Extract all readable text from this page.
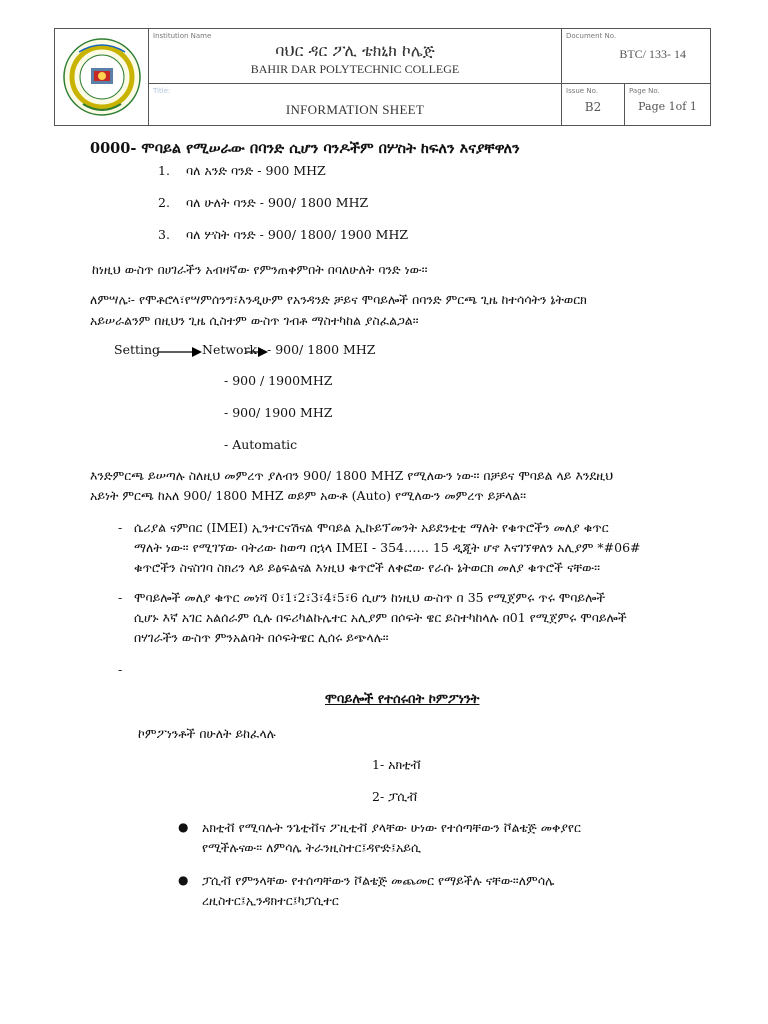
Institution Name
ባህር ዳር ፖሊ ቴክኒክ ኮሌጅ
BAHIR DAR POLYTECHNIC COLLEGE
Title:
INFORMATION SHEET
Document No.
BTC/ 133- 14
Issue No.
B2
Page No.
Page 1of 1
0000- ሞባይል የሚሠራው በባንድ ሲሆን ባንዶችም በሦስት ከፍለን እናያቸዋለን
1. ባለ አንድ ባንድ - 900 MHZ
2. ባለ ሁለት ባንድ - 900/ 1800 MHZ
3. ባለ ሦስት ባንድ - 900/ 1800/ 1900 MHZ
ከነዚህ ውስጥ በሀገራችን አብዛኛው የምንጠቀምበት በባለሁለት ባንድ ነው፡፡
ለምሣሌ፡- የሞቶሮላ፣የሣምሰንግ፣እንዲሁም የአንዳንድ ቻይና ሞባይሎች በባንድ ምርጫ ጊዜ ከተሳሳትን ኔትወርክ
አይሠራልንም በዚህን ጊዜ ሲስተም ውስጥ ገብቶ ማስተካከል ያስፈልጋል፡፡
Setting	Network - 900/ 1800 MHZ
- 900 / 1900MHZ
- 900/ 1900 MHZ
- Automatic
እንድምርጫ ይሠጣሉ ስለዚህ መምረጥ ያለብን 900/ 1800 MHZ የሚለውን ነው፡፡ በቻይና ሞባይል ላይ እንደዚህ
አይነት ምርጫ ከአለ 900/ 1800 MHZ ወይም አውቶ (Auto) የሚለውን መምረጥ ይቻላል፡፡
- ሴሪያል ናምበር (IMEI) ኢንተርናሽናል ሞባይል ኢኩይፕመንት አይደንቲቲ ማለት የቁጥሮችን መለያ ቁጥር
ማለት ነው፡፡ የሚገኘው ባትሪው ከወጣ በኋላ IMEI - 354…… 15 ዲጂት ሆኖ እናገኘዋለን አሊያም *#06#
ቁጥሮችን ስናስገባ ስክሪን ላይ ይፅፍልናል እነዚህ ቁጥሮች ለቀፎው የራሱ ኔትወርክ መለያ ቁጥሮች ናቸው፡፡
- ሞባይሎች መለያ ቁጥር መነሻ 0፣1፣2፣3፣4፣5፣6 ሲሆን ከነዚህ ውስጥ በ 35 የሚጀምሩ ጥሩ ሞባይሎች
ሲሆኑ እኛ አገር አልሰራም ሲሉ በፍሪካልኩሌተር አሊያም በሶፍት ዌር ይስተካከላሉ በ01 የሚጀምሩ ሞባይሎች
በሃገራችን ውስጥ ምንአልባት በሶፍትዌር ሊሰሩ ይጭላሉ፡፡
-
ሞባይሎች የተሰሩበት ኮምፖነንት
ኮምፖነንቶች በሁለት ይከፈላሉ
1- አክቲቭ
2- ፓሲቭ
● አክቲቭ የሚባሉት ንጌቲቭና ፖዚቲቭ ያላቸው ሁነው የተሰጣቸውን ቮልቴጅ መቀያየር
የሚችሉናው፡፡ ለምሳሌ ትራንዚስተር፤ዳዮድ፤አይሲ
● ፓሲቭ የምንላቸው የተሰጣቸውን ቮልቴጅ መጨመር የማይችሉ ናቸው፡፡ለምሳሌ
ረዚስተር፤ኢንዳክተር፤ካፓሲተር
